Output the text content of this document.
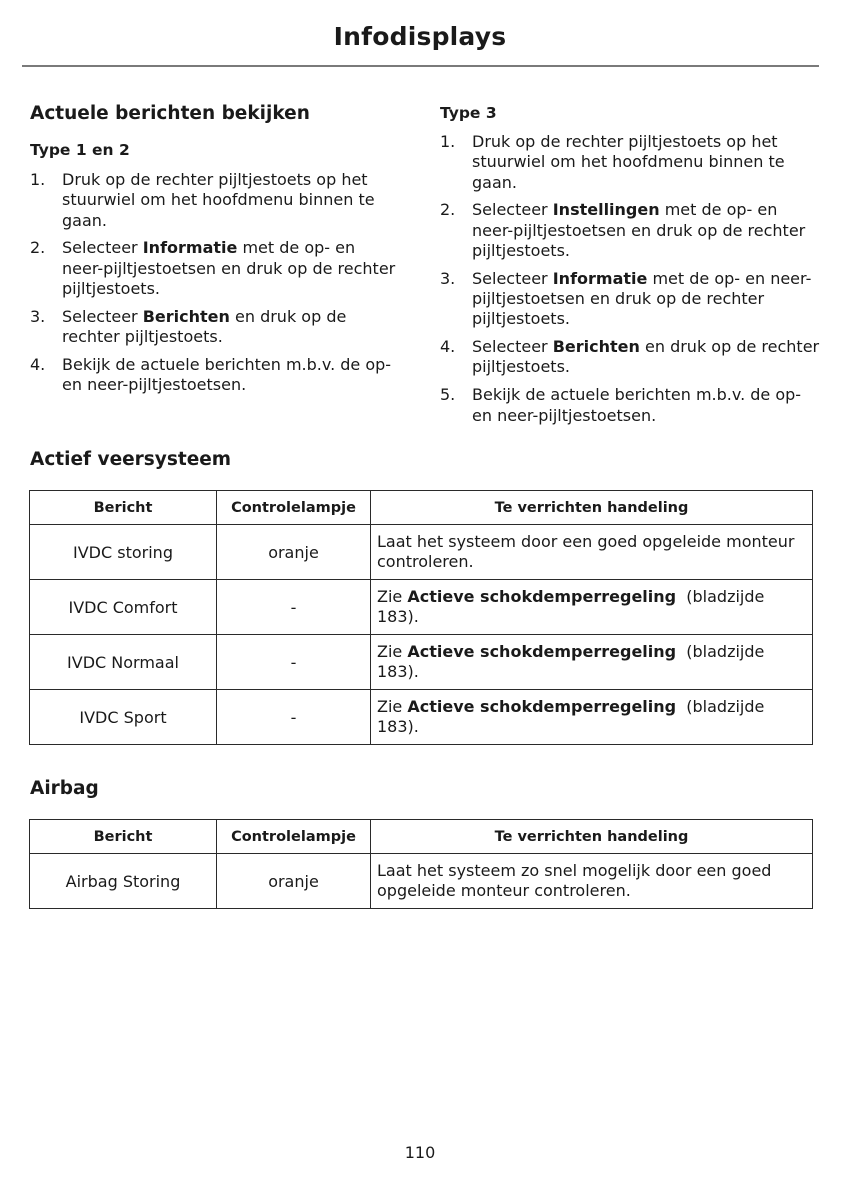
Infodisplays
Actuele berichten bekijken
Type 1 en 2
1. Druk op de rechter pijltjestoets op het stuurwiel om het hoofdmenu binnen te gaan.
2. Selecteer Informatie met de op- en neer-pijltjestoetsen en druk op de rechter pijltjestoets.
3. Selecteer Berichten en druk op de rechter pijltjestoets.
4. Bekijk de actuele berichten m.b.v. de op- en neer-pijltjestoetsen.
Type 3
1. Druk op de rechter pijltjestoets op het stuurwiel om het hoofdmenu binnen te gaan.
2. Selecteer Instellingen met de op- en neer-pijltjestoetsen en druk op de rechter pijltjestoets.
3. Selecteer Informatie met de op- en neer-pijltjestoetsen en druk op de rechter pijltjestoets.
4. Selecteer Berichten en druk op de rechter pijltjestoets.
5. Bekijk de actuele berichten m.b.v. de op- en neer-pijltjestoetsen.
Actief veersysteem
Bericht	Controlelampje	Te verrichten handeling
IVDC storing	oranje	Laat het systeem door een goed opgeleide monteur controleren.
IVDC Comfort	-	Zie Actieve schokdemperregeling  (bladzijde 183).
IVDC Normaal	-	Zie Actieve schokdemperregeling  (bladzijde 183).
IVDC Sport	-	Zie Actieve schokdemperregeling  (bladzijde 183).
Airbag
Bericht	Controlelampje	Te verrichten handeling
Airbag Storing	oranje	Laat het systeem zo snel mogelijk door een goed opgeleide monteur controleren.
110
